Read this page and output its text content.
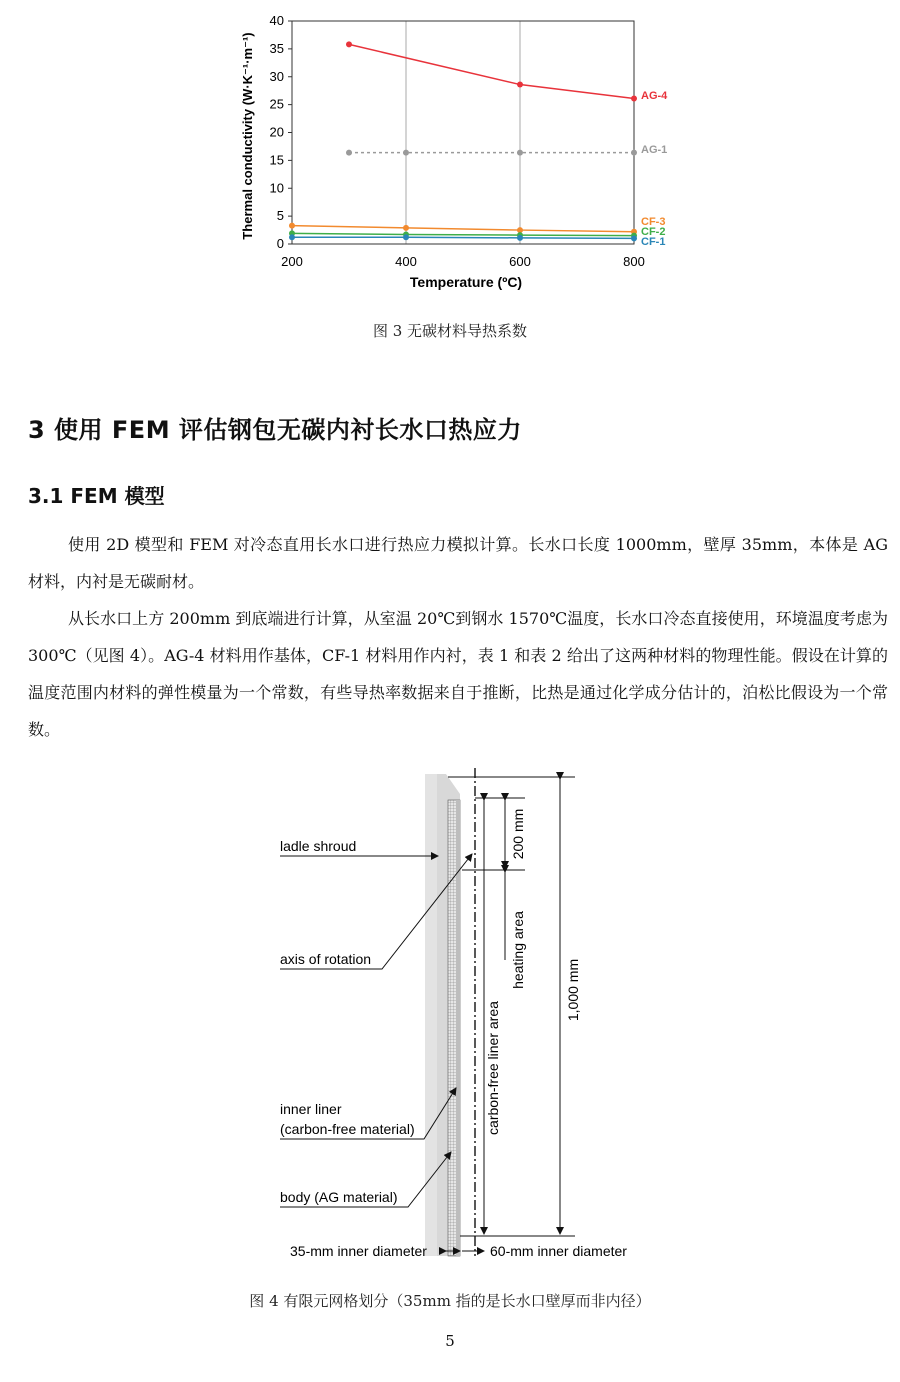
200	400	600	800
0
5
10
15
20
25
30
35
40
AG-4
AG-1
CF-3
CF-2
CF-1
Temperature (ºC)
Thermal conductivity (W·K⁻¹·m⁻¹)
图 3 无碳材料导热系数
3 使用 FEM 评估钢包无碳内衬长水口热应力
3.1 FEM 模型

使用 2D 模型和 FEM 对冷态直用长水口进行热应力模拟计算。长水口长度 1000mm，壁厚 35mm，本体是 AG 材料，内衬是无碳耐材。

从长水口上方 200mm 到底端进行计算，从室温 20℃到钢水 1570℃温度，长水口冷态直接使用，环境温度考虑为 300℃（见图 4）。AG-4 材料用作基体，CF-1 材料用作内衬，表 1 和表 2 给出了这两种材料的物理性能。假设在计算的温度范围内材料的弹性模量为一个常数，有些导热率数据来自于推断，比热是通过化学成分估计的，泊松比假设为一个常数。

200 mm
heating area
carbon-free liner area
1,000 mm
ladle shroud
axis of rotation
inner liner
(carbon-free material)
body (AG material)
35-mm inner diameter	60-mm inner diameter
图 4 有限元网格划分（35mm 指的是长水口壁厚而非内径）
5
